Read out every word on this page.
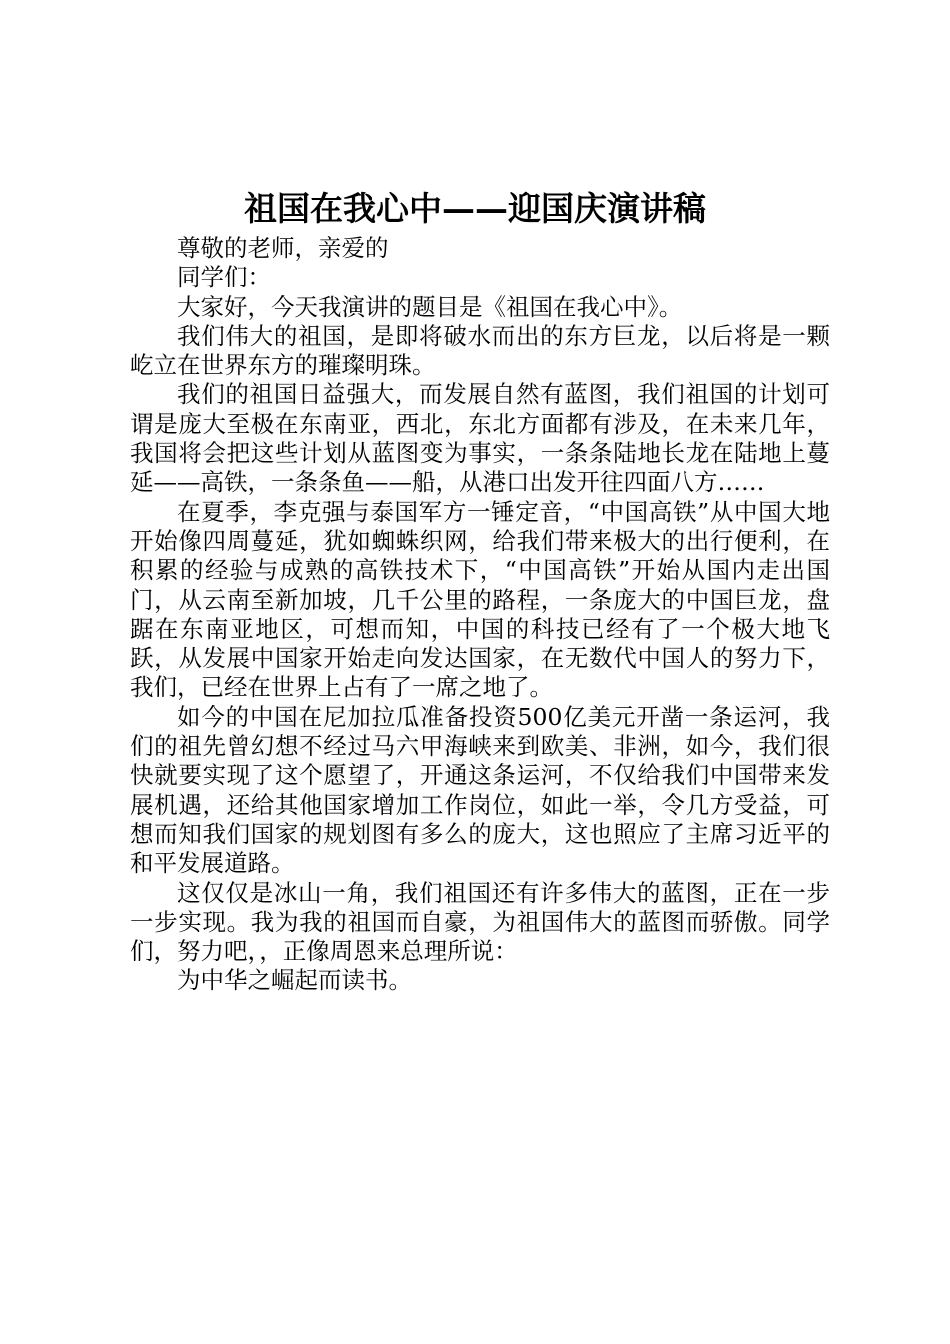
祖国在我心中——迎国庆演讲稿

尊敬的老师，亲爱的

同学们：

大家好，今天我演讲的题目是《祖国在我心中》。

我们伟大的祖国，是即将破水而出的东方巨龙，以后将是一颗屹立在世界东方的璀璨明珠。

我们的祖国日益强大，而发展自然有蓝图，我们祖国的计划可谓是庞大至极在东南亚，西北，东北方面都有涉及，在未来几年，我国将会把这些计划从蓝图变为事实，一条条陆地长龙在陆地上蔓延——高铁，一条条鱼——船，从港口出发开往四面八方……

在夏季，李克强与泰国军方一锤定音，“中国高铁”从中国大地开始像四周蔓延，犹如蜘蛛织网，给我们带来极大的出行便利，在积累的经验与成熟的高铁技术下，“中国高铁”开始从国内走出国门，从云南至新加坡，几千公里的路程，一条庞大的中国巨龙，盘踞在东南亚地区，可想而知，中国的科技已经有了一个极大地飞跃，从发展中国家开始走向发达国家，在无数代中国人的努力下，我们，已经在世界上占有了一席之地了。

如今的中国在尼加拉瓜准备投资500亿美元开凿一条运河，我们的祖先曾幻想不经过马六甲海峡来到欧美、非洲，如今，我们很快就要实现了这个愿望了，开通这条运河，不仅给我们中国带来发展机遇，还给其他国家增加工作岗位，如此一举，令几方受益，可想而知我们国家的规划图有多么的庞大，这也照应了主席习近平的和平发展道路。

这仅仅是冰山一角，我们祖国还有许多伟大的蓝图，正在一步一步实现。我为我的祖国而自豪，为祖国伟大的蓝图而骄傲。同学们，努力吧，，正像周恩来总理所说：

为中华之崛起而读书。
